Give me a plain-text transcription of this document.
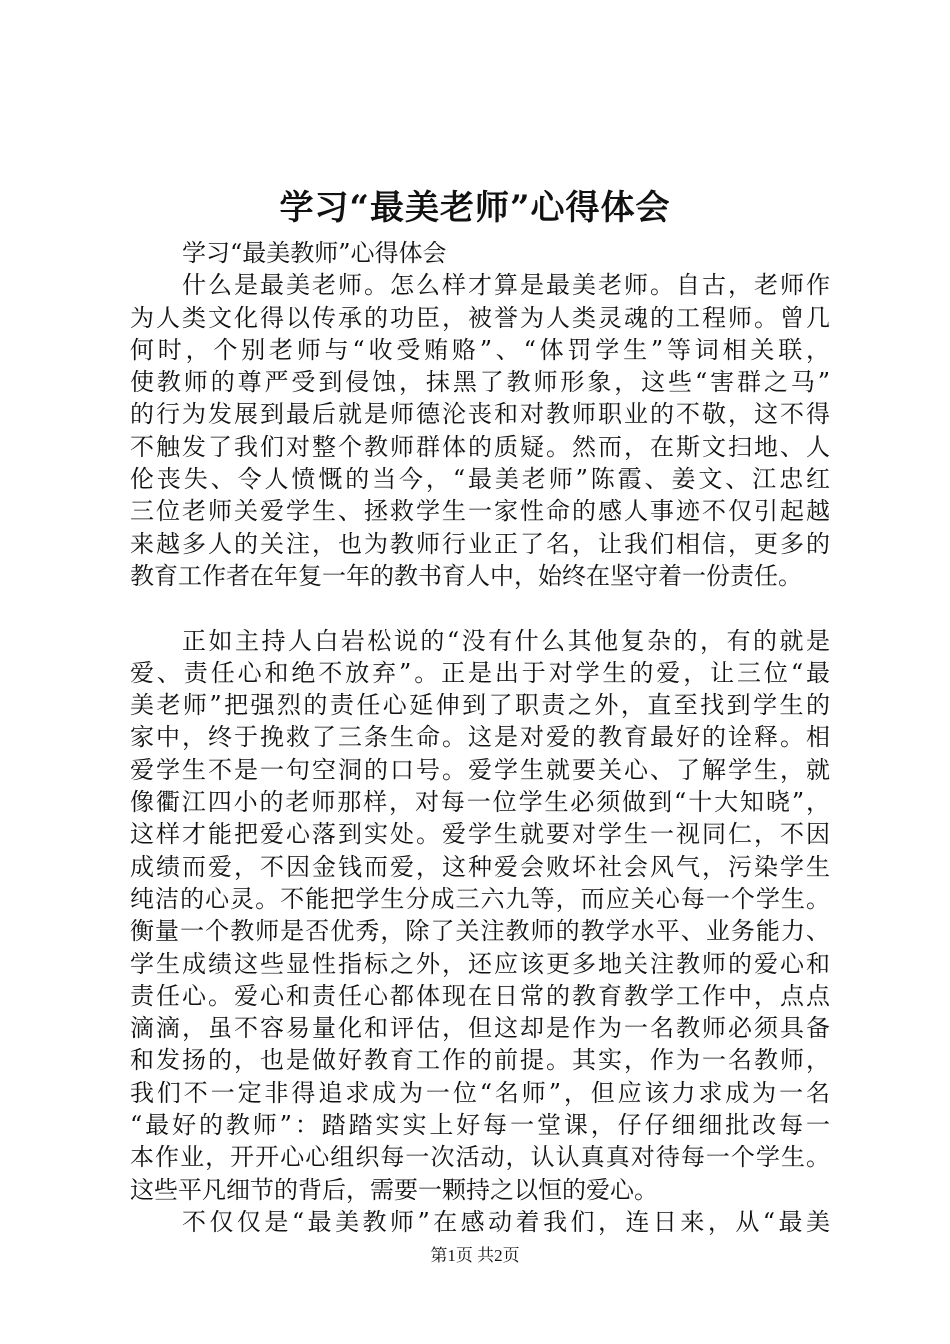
学习“最美老师”心得体会
学习“最美教师”心得体会
什么是最美老师。怎么样才算是最美老师。自古，老师作
为人类文化得以传承的功臣，被誉为人类灵魂的工程师。曾几
何时，个别老师与“收受贿赂”、“体罚学生”等词相关联，
使教师的尊严受到侵蚀，抹黑了教师形象，这些“害群之马”
的行为发展到最后就是师德沦丧和对教师职业的不敬，这不得
不触发了我们对整个教师群体的质疑。然而，在斯文扫地、人
伦丧失、令人愤慨的当今，“最美老师”陈霞、姜文、江忠红
三位老师关爱学生、拯救学生一家性命的感人事迹不仅引起越
来越多人的关注，也为教师行业正了名，让我们相信，更多的
教育工作者在年复一年的教书育人中，始终在坚守着一份责任。
正如主持人白岩松说的“没有什么其他复杂的，有的就是
爱、责任心和绝不放弃”。正是出于对学生的爱，让三位“最
美老师”把强烈的责任心延伸到了职责之外，直至找到学生的
家中，终于挽救了三条生命。这是对爱的教育最好的诠释。相
爱学生不是一句空洞的口号。爱学生就要关心、了解学生，就
像衢江四小的老师那样，对每一位学生必须做到“十大知晓”，
这样才能把爱心落到实处。爱学生就要对学生一视同仁，不因
成绩而爱，不因金钱而爱，这种爱会败坏社会风气，污染学生
纯洁的心灵。不能把学生分成三六九等，而应关心每一个学生。
衡量一个教师是否优秀，除了关注教师的教学水平、业务能力、
学生成绩这些显性指标之外，还应该更多地关注教师的爱心和
责任心。爱心和责任心都体现在日常的教育教学工作中，点点
滴滴，虽不容易量化和评估，但这却是作为一名教师必须具备
和发扬的，也是做好教育工作的前提。其实，作为一名教师，
我们不一定非得追求成为一位“名师”，但应该力求成为一名
“最好的教师”：踏踏实实上好每一堂课，仔仔细细批改每一
本作业，开开心心组织每一次活动，认认真真对待每一个学生。
这些平凡细节的背后，需要一颗持之以恒的爱心。
不仅仅是“最美教师”在感动着我们，连日来，从“最美
第1页 共2页
